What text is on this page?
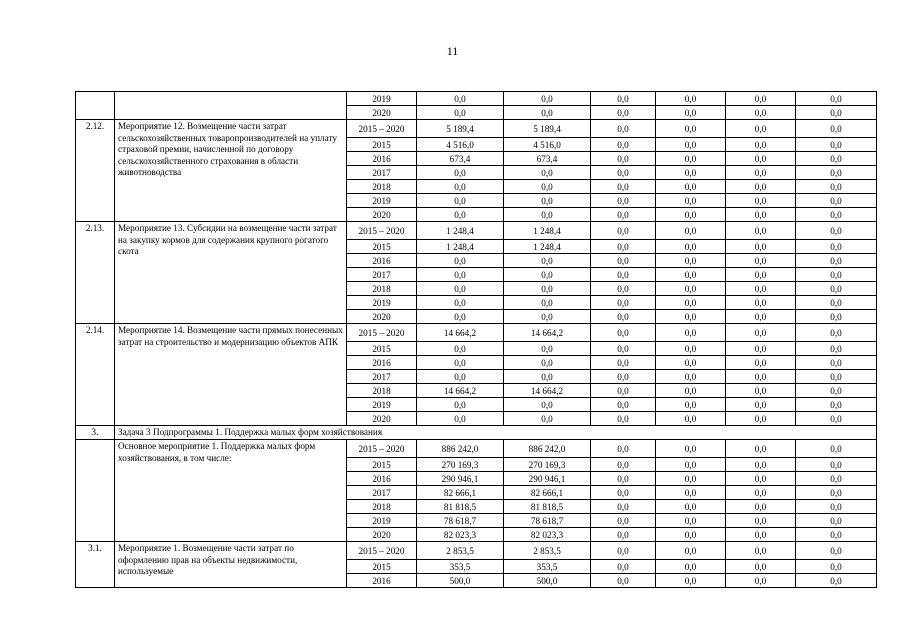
11
		2019	0,0	0,0	0,0	0,0	0,0	0,0
		2020	0,0	0,0	0,0	0,0	0,0	0,0
2.12.	Мероприятие 12. Возмещение части затрат сельскохозяйственных товаропроизводителей на уплату страховой премии, начисленной по договору сельскохозяйственного страхования в области животноводства	2015 – 2020	5 189,4	5 189,4	0,0	0,0	0,0	0,0
		2015	4 516,0	4 516,0	0,0	0,0	0,0	0,0
		2016	673,4	673,4	0,0	0,0	0,0	0,0
		2017	0,0	0,0	0,0	0,0	0,0	0,0
		2018	0,0	0,0	0,0	0,0	0,0	0,0
		2019	0,0	0,0	0,0	0,0	0,0	0,0
		2020	0,0	0,0	0,0	0,0	0,0	0,0
2.13.	Мероприятие 13. Субсидии на возмещение части затрат на закупку кормов для содержания крупного рогатого скота	2015 – 2020	1 248,4	1 248,4	0,0	0,0	0,0	0,0
		2015	1 248,4	1 248,4	0,0	0,0	0,0	0,0
		2016	0,0	0,0	0,0	0,0	0,0	0,0
		2017	0,0	0,0	0,0	0,0	0,0	0,0
		2018	0,0	0,0	0,0	0,0	0,0	0,0
		2019	0,0	0,0	0,0	0,0	0,0	0,0
		2020	0,0	0,0	0,0	0,0	0,0	0,0
2.14.	Мероприятие 14. Возмещение части прямых понесенных затрат на строительство и модернизацию объектов АПК	2015 – 2020	14 664,2	14 664,2	0,0	0,0	0,0	0,0
		2015	0,0	0,0	0,0	0,0	0,0	0,0
		2016	0,0	0,0	0,0	0,0	0,0	0,0
		2017	0,0	0,0	0,0	0,0	0,0	0,0
		2018	14 664,2	14 664,2	0,0	0,0	0,0	0,0
		2019	0,0	0,0	0,0	0,0	0,0	0,0
		2020	0,0	0,0	0,0	0,0	0,0	0,0
3.	Задача 3 Подпрограммы 1. Поддержка малых форм хозяйствования							
	Основное мероприятие 1. Поддержка малых форм хозяйствования, в том числе:	2015 – 2020	886 242,0	886 242,0	0,0	0,0	0,0	0,0
		2015	270 169,3	270 169,3	0,0	0,0	0,0	0,0
		2016	290 946,1	290 946,1	0,0	0,0	0,0	0,0
		2017	82 666,1	82 666,1	0,0	0,0	0,0	0,0
		2018	81 818,5	81 818,5	0,0	0,0	0,0	0,0
		2019	78 618,7	78 618,7	0,0	0,0	0,0	0,0
		2020	82 023,3	82 023,3	0,0	0,0	0,0	0,0
3.1.	Мероприятие 1. Возмещение части затрат по оформлению прав на объекты недвижимости, используемые	2015 – 2020	2 853,5	2 853,5	0,0	0,0	0,0	0,0
		2015	353,5	353,5	0,0	0,0	0,0	0,0
		2016	500,0	500,0	0,0	0,0	0,0	0,0
